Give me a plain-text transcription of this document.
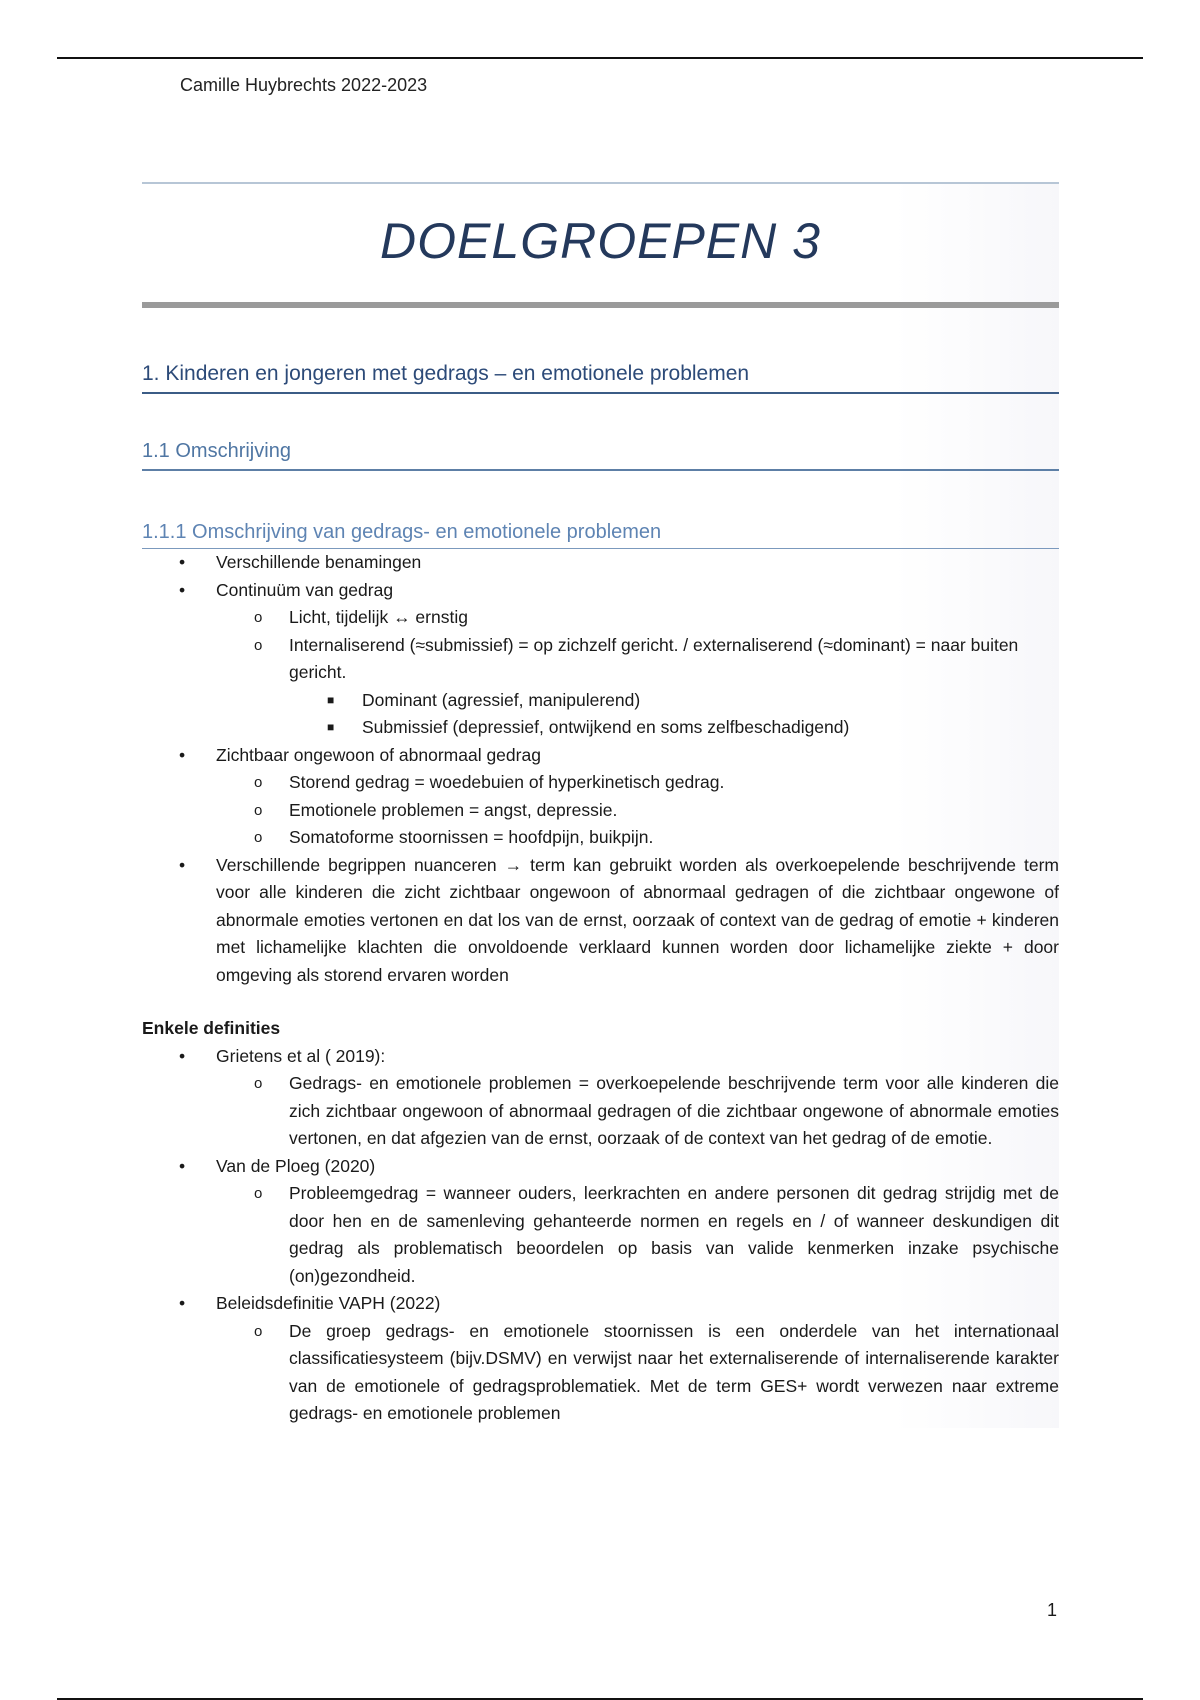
Camille Huybrechts 2022-2023
DOELGROEPEN 3
1. Kinderen en jongeren met gedrags – en emotionele problemen
1.1 Omschrijving
1.1.1 Omschrijving van gedrags- en emotionele problemen
• Verschillende benamingen
• Continuüm van gedrag
o Licht, tijdelijk ↔ ernstig
o Internaliserend (≈submissief) = op zichzelf gericht. / externaliserend (≈dominant) = naar buiten gericht.
■ Dominant (agressief, manipulerend)
■ Submissief (depressief, ontwijkend en soms zelfbeschadigend)
• Zichtbaar ongewoon of abnormaal gedrag
o Storend gedrag = woedebuien of hyperkinetisch gedrag.
o Emotionele problemen = angst, depressie.
o Somatoforme stoornissen = hoofdpijn, buikpijn.
• Verschillende begrippen nuanceren → term kan gebruikt worden als overkoepelende beschrijvende term voor alle kinderen die zicht zichtbaar ongewoon of abnormaal gedragen of die zichtbaar ongewone of abnormale emoties vertonen en dat los van de ernst, oorzaak of context van de gedrag of emotie + kinderen met lichamelijke klachten die onvoldoende verklaard kunnen worden door lichamelijke ziekte + door omgeving als storend ervaren worden
Enkele definities
• Grietens et al ( 2019):
o Gedrags- en emotionele problemen = overkoepelende beschrijvende term voor alle kinderen die zich zichtbaar ongewoon of abnormaal gedragen of die zichtbaar ongewone of abnormale emoties vertonen, en dat afgezien van de ernst, oorzaak of de context van het gedrag of de emotie.
• Van de Ploeg (2020)
o Probleemgedrag = wanneer ouders, leerkrachten en andere personen dit gedrag strijdig met de door hen en de samenleving gehanteerde normen en regels en / of wanneer deskundigen dit gedrag als problematisch beoordelen op basis van valide kenmerken inzake psychische (on)gezondheid.
• Beleidsdefinitie VAPH (2022)
o De groep gedrags- en emotionele stoornissen is een onderdele van het internationaal classificatiesysteem (bijv.DSMV) en verwijst naar het externaliserende of internaliserende karakter van de emotionele of gedragsproblematiek. Met de term GES+ wordt verwezen naar extreme gedrags- en emotionele problemen
1
